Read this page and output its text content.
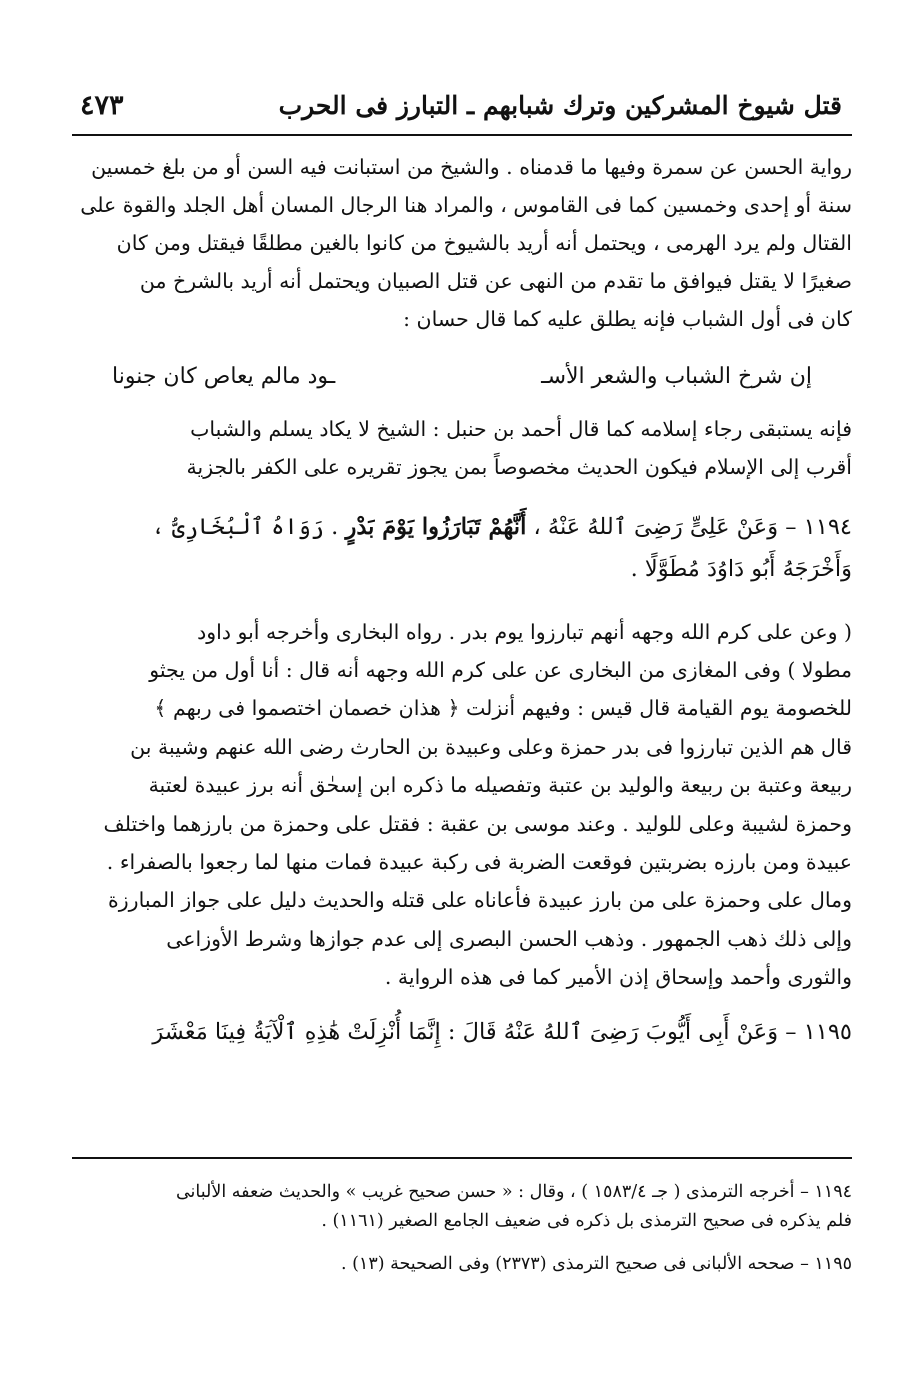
قتل شيوخ المشركين وترك شبابهم ـ التبارز فى الحرب
٤٧٣

رواية الحسن عن سمرة وفيها ما قدمناه . والشيخ من استبانت فيه السن أو من بلغ خمسين
سنة أو إحدى وخمسين كما فى القاموس ، والمراد هنا الرجال المسان أهل الجلد والقوة على
القتال ولم يرد الهرمى ، ويحتمل أنه أريد بالشيوخ من كانوا بالغين مطلقًا فيقتل ومن كان
صغيرًا لا يقتل فيوافق ما تقدم من النهى عن قتل الصبيان ويحتمل أنه أريد بالشرخ من
كان فى أول الشباب فإنه يطلق عليه كما قال حسان :

إن شرخ الشباب والشعر الأسـ
ـود مالم يعاص كان جنونا

فإنه يستبقى رجاء إسلامه كما قال أحمد بن حنبل : الشيخ لا يكاد يسلم والشباب
أقرب إلى الإسلام فيكون الحديث مخصوصاً بمن يجوز تقريره على الكفر بالجزية

١١٩٤ – وَعَنْ عَلِىٍّ رَضِىَ ٱللهُ عَنْهُ ، أَنَّهُمْ تَبَارَزُوا يَوْمَ بَدْرٍ . رَوَاهُ ٱلْبُخَارِىُّ ،
وَأَخْرَجَهُ أَبُو دَاوُدَ مُطَوَّلًا .

( وعن على كرم الله وجهه أنهم تبارزوا يوم بدر . رواه البخارى وأخرجه أبو داود
مطولا ) وفى المغازى من البخارى عن على كرم الله وجهه أنه قال : أنا أول من يجثو
للخصومة يوم القيامة قال قيس : وفيهم أنزلت ﴿ هذان خصمان اختصموا فى ربهم ﴾
قال هم الذين تبارزوا فى بدر حمزة وعلى وعبيدة بن الحارث رضى الله عنهم وشيبة بن
ربيعة وعتبة بن ربيعة والوليد بن عتبة وتفصيله ما ذكره ابن إسحٰق أنه برز عبيدة لعتبة
وحمزة لشيبة وعلى للوليد . وعند موسى بن عقبة : فقتل على وحمزة من بارزهما واختلف
عبيدة ومن بارزه بضربتين فوقعت الضربة فى ركبة عبيدة فمات منها لما رجعوا بالصفراء .
ومال على وحمزة على من بارز عبيدة فأعاناه على قتله والحديث دليل على جواز المبارزة
وإلى ذلك ذهب الجمهور . وذهب الحسن البصرى إلى عدم جوازها وشرط الأوزاعى
والثورى وأحمد وإسحاق إذن الأمير كما فى هذه الرواية .

١١٩٥ – وَعَنْ أَبِى أَيُّوبَ رَضِىَ ٱللهُ عَنْهُ قَالَ : إِنَّمَا أُنْزِلَتْ هَٰذِهِ ٱلْآيَةُ فِينَا مَعْشَرَ

١١٩٤ – أخرجه الترمذى ( جـ ١٥٨٣/٤ ) ، وقال : « حسن صحيح غريب » والحديث ضعفه الألبانى
فلم يذكره فى صحيح الترمذى بل ذكره فى ضعيف الجامع الصغير (١١٦١) .
١١٩٥ – صححه الألبانى فى صحيح الترمذى (٢٣٧٣) وفى الصحيحة (١٣) .
